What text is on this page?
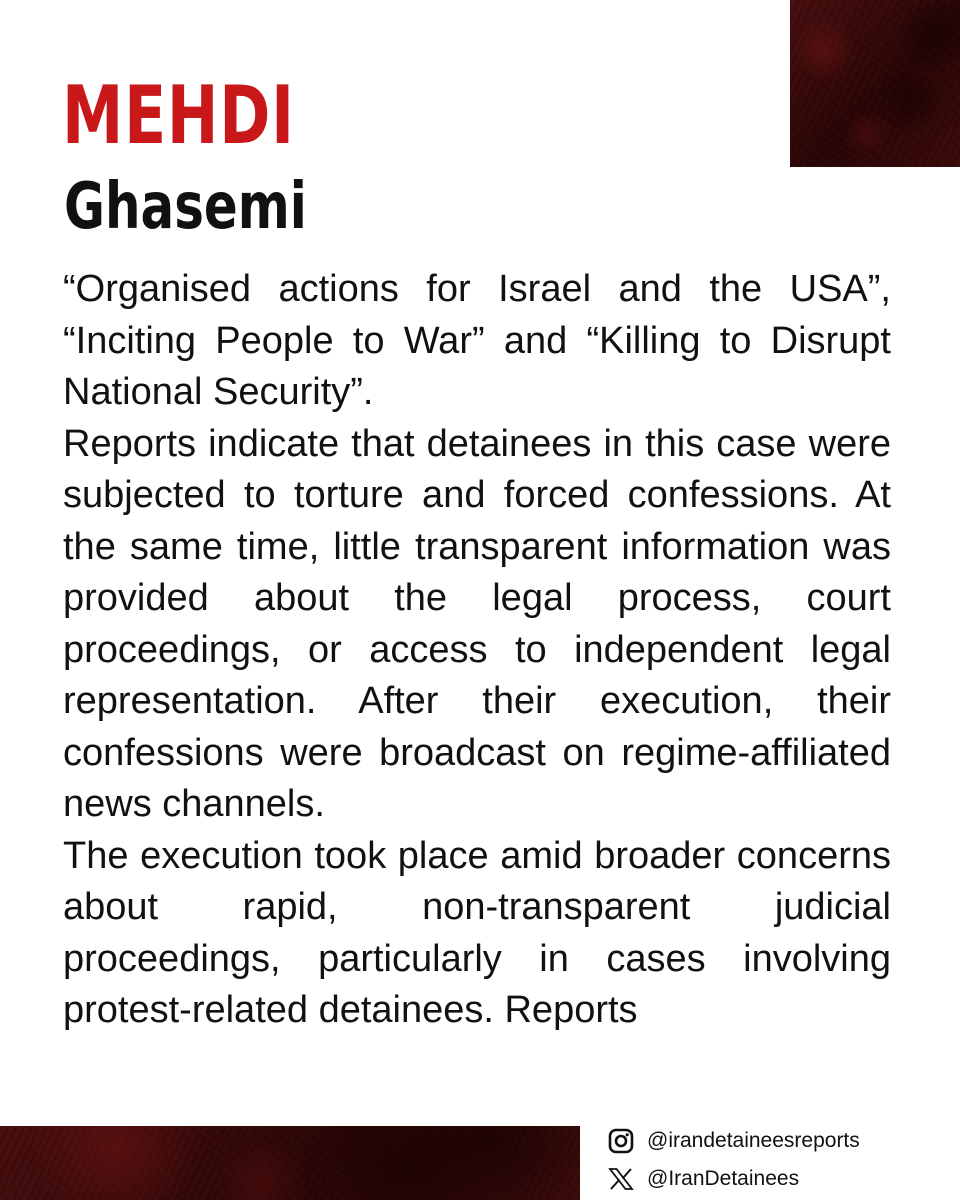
MEHDI
Ghasemi

“Organised actions for Israel and the USA”, “Inciting People to War” and “Killing to Disrupt National Security”.

Reports indicate that detainees in this case were subjected to torture and forced confessions. At the same time, little transparent information was provided about the legal process, court proceedings, or access to independent legal representation. After their execution, their confessions were broadcast on regime-affiliated news channels.

The execution took place amid broader concerns about rapid, non-transparent judicial proceedings, particularly in cases involving protest-related detainees. Reports

@irandetaineesreports
@IranDetainees
